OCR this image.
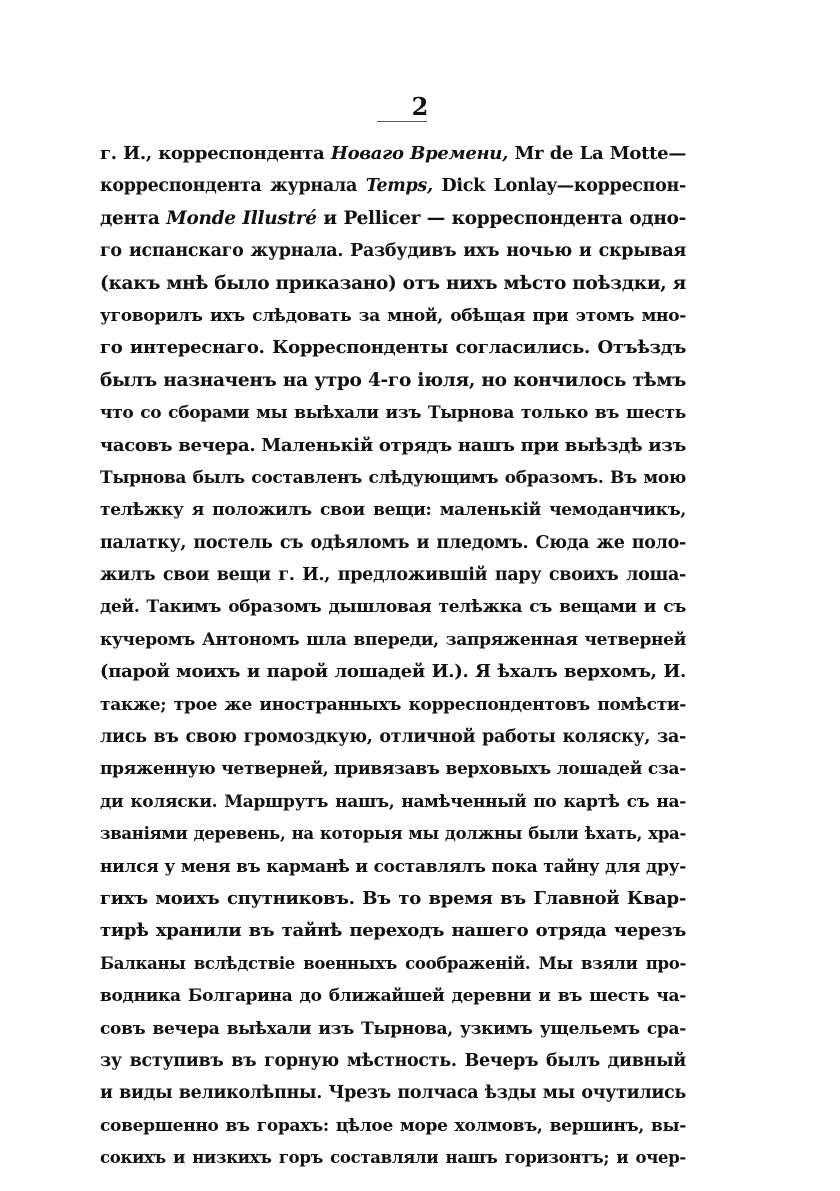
2
г. И., корреспондента Новаго Времени, Mr de La Motte—
корреспондента журнала Temps, Dick Lonlay—корреспон-
дента Monde Illustré и Pellicer — корреспондента одно-
го испанскаго журнала. Разбудивъ ихъ ночью и скрывая
(какъ мнѣ было приказано) отъ нихъ мѣсто поѣздки, я
уговорилъ ихъ слѣдовать за мной, обѣщая при этомъ мно-
го интереснаго. Корреспонденты согласились. Отъѣздъ
былъ назначенъ на утро 4-го іюля, но кончилось тѣмъ
что со сборами мы выѣхали изъ Тырнова только въ шесть
часовъ вечера. Маленькій отрядъ нашъ при выѣздѣ изъ
Тырнова былъ составленъ слѣдующимъ образомъ. Въ мою
телѣжку я положилъ свои вещи: маленькій чемоданчикъ,
палатку, постель съ одѣяломъ и пледомъ. Сюда же поло-
жилъ свои вещи г. И., предложившій пару своихъ лошa-
дей. Такимъ образомъ дышловая телѣжка съ вещами и съ
кучеромъ Антономъ шла впереди, запряженная четверней
(парой моихъ и парой лошадей И.). Я ѣхалъ верхомъ, И.
также; трое же иностранныхъ корреспондентовъ помѣсти-
лись въ свою громоздкую, отличной работы коляску, за-
пряженную четверней, привязавъ верховыхъ лошадей сза-
ди коляски. Маршрутъ нашъ, намѣченный по картѣ съ на-
званіями деревень, на которыя мы должны были ѣхать, хра-
нился у меня въ карманѣ и составлялъ пока тайну для дру-
гихъ моихъ спутниковъ. Въ то время въ Главной Квар-
тирѣ хранили въ тайнѣ переходъ нашего отряда черезъ
Балканы вслѣдствіе военныхъ соображеній. Мы взяли про-
водника Болгарина до ближайшей деревни и въ шесть ча-
совъ вечера выѣхали изъ Тырнова, узкимъ ущельемъ сра-
зу вступивъ въ горную мѣстность. Вечеръ былъ дивный
и виды великолѣпны. Чрезъ полчаса ѣзды мы очутились
совершенно въ горахъ: цѣлое море холмовъ, вершинъ, вы-
сокихъ и низкихъ горъ составляли нашъ горизонтъ; и очер-
